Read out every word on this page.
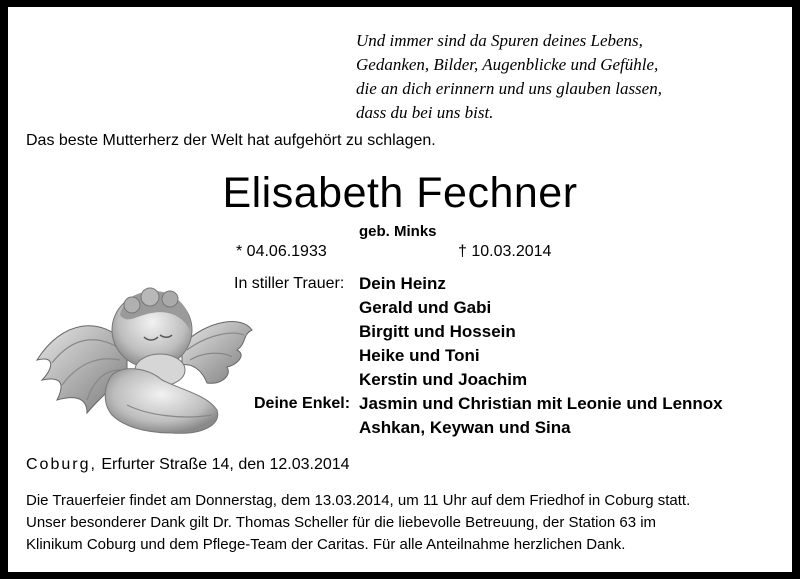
Und immer sind da Spuren deines Lebens,
Gedanken, Bilder, Augenblicke und Gefühle,
die an dich erinnern und uns glauben lassen,
dass du bei uns bist.
Das beste Mutterherz der Welt hat aufgehört zu schlagen.
Elisabeth Fechner
geb. Minks
* 04.06.1933	† 10.03.2014
In stiller Trauer: Dein Heinz
Gerald und Gabi
Birgitt und Hossein
Heike und Toni
Kerstin und Joachim
Deine Enkel: Jasmin und Christian mit Leonie und Lennox
Ashkan, Keywan und Sina
Coburg, Erfurter Straße 14, den 12.03.2014
Die Trauerfeier findet am Donnerstag, dem 13.03.2014, um 11 Uhr auf dem Friedhof in Coburg statt.
Unser besonderer Dank gilt Dr. Thomas Scheller für die liebevolle Betreuung, der Station 63 im
Klinikum Coburg und dem Pflege-Team der Caritas. Für alle Anteilnahme herzlichen Dank.
